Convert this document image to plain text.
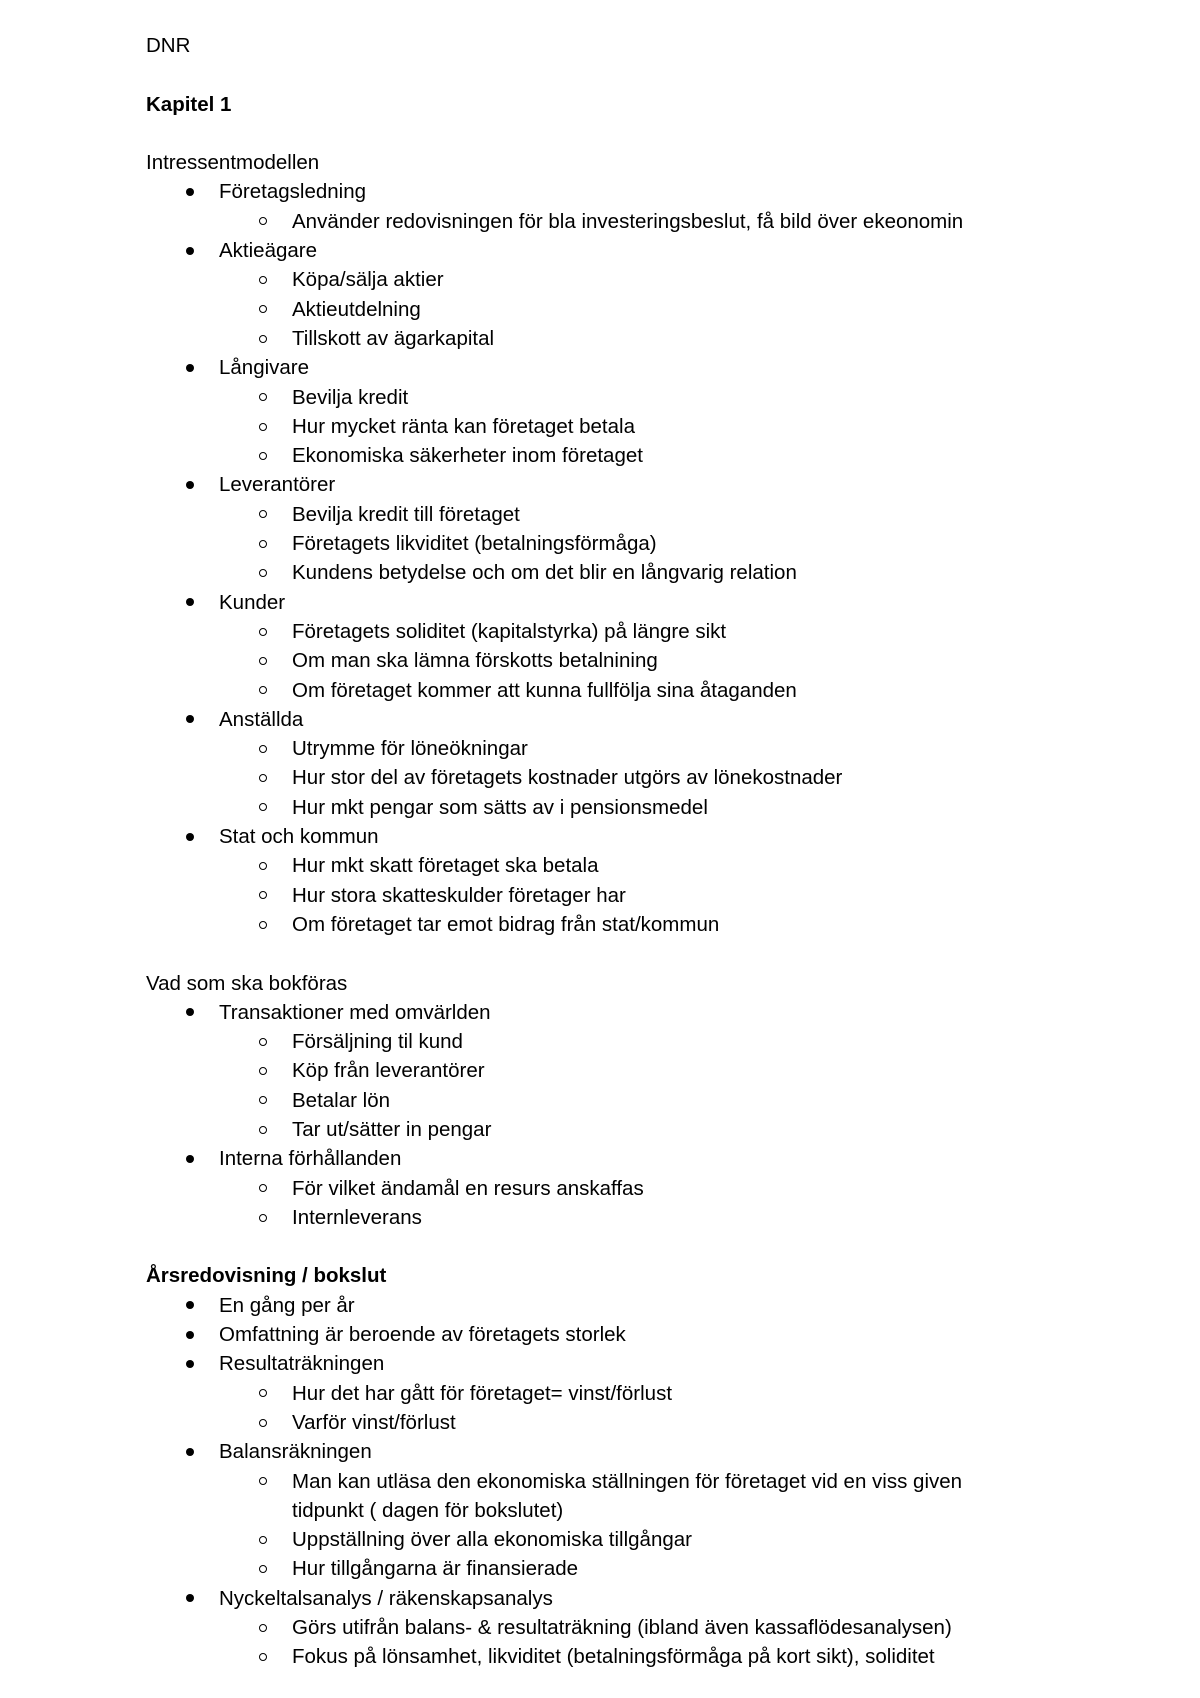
DNR
Kapitel 1
Intressentmodellen
Företagsledning
Använder redovisningen för bla investeringsbeslut, få bild över ekeonomin
Aktieägare
Köpa/sälja aktier
Aktieutdelning
Tillskott av ägarkapital
Långivare
Bevilja kredit
Hur mycket ränta kan företaget betala
Ekonomiska säkerheter inom företaget
Leverantörer
Bevilja kredit till företaget
Företagets likviditet (betalningsförmåga)
Kundens betydelse och om det blir en långvarig relation
Kunder
Företagets soliditet (kapitalstyrka) på längre sikt
Om man ska lämna förskotts betalnining
Om företaget kommer att kunna fullfölja sina åtaganden
Anställda
Utrymme för löneökningar
Hur stor del av företagets kostnader utgörs av lönekostnader
Hur mkt pengar som sätts av i pensionsmedel
Stat och kommun
Hur mkt skatt företaget ska betala
Hur stora skatteskulder företager har
Om företaget tar emot bidrag från stat/kommun
Vad som ska bokföras
Transaktioner med omvärlden
Försäljning til kund
Köp från leverantörer
Betalar lön
Tar ut/sätter in pengar
Interna förhållanden
För vilket ändamål en resurs anskaffas
Internleverans
Årsredovisning / bokslut
En gång per år
Omfattning är beroende av företagets storlek
Resultaträkningen
Hur det har gått för företaget= vinst/förlust
Varför vinst/förlust
Balansräkningen
Man kan utläsa den ekonomiska ställningen för företaget vid en viss given
tidpunkt ( dagen för bokslutet)
Uppställning över alla ekonomiska tillgångar
Hur tillgångarna är finansierade
Nyckeltalsanalys / räkenskapsanalys
Görs utifrån balans- & resultaträkning (ibland även kassaflödesanalysen)
Fokus på lönsamhet, likviditet (betalningsförmåga på kort sikt), soliditet
